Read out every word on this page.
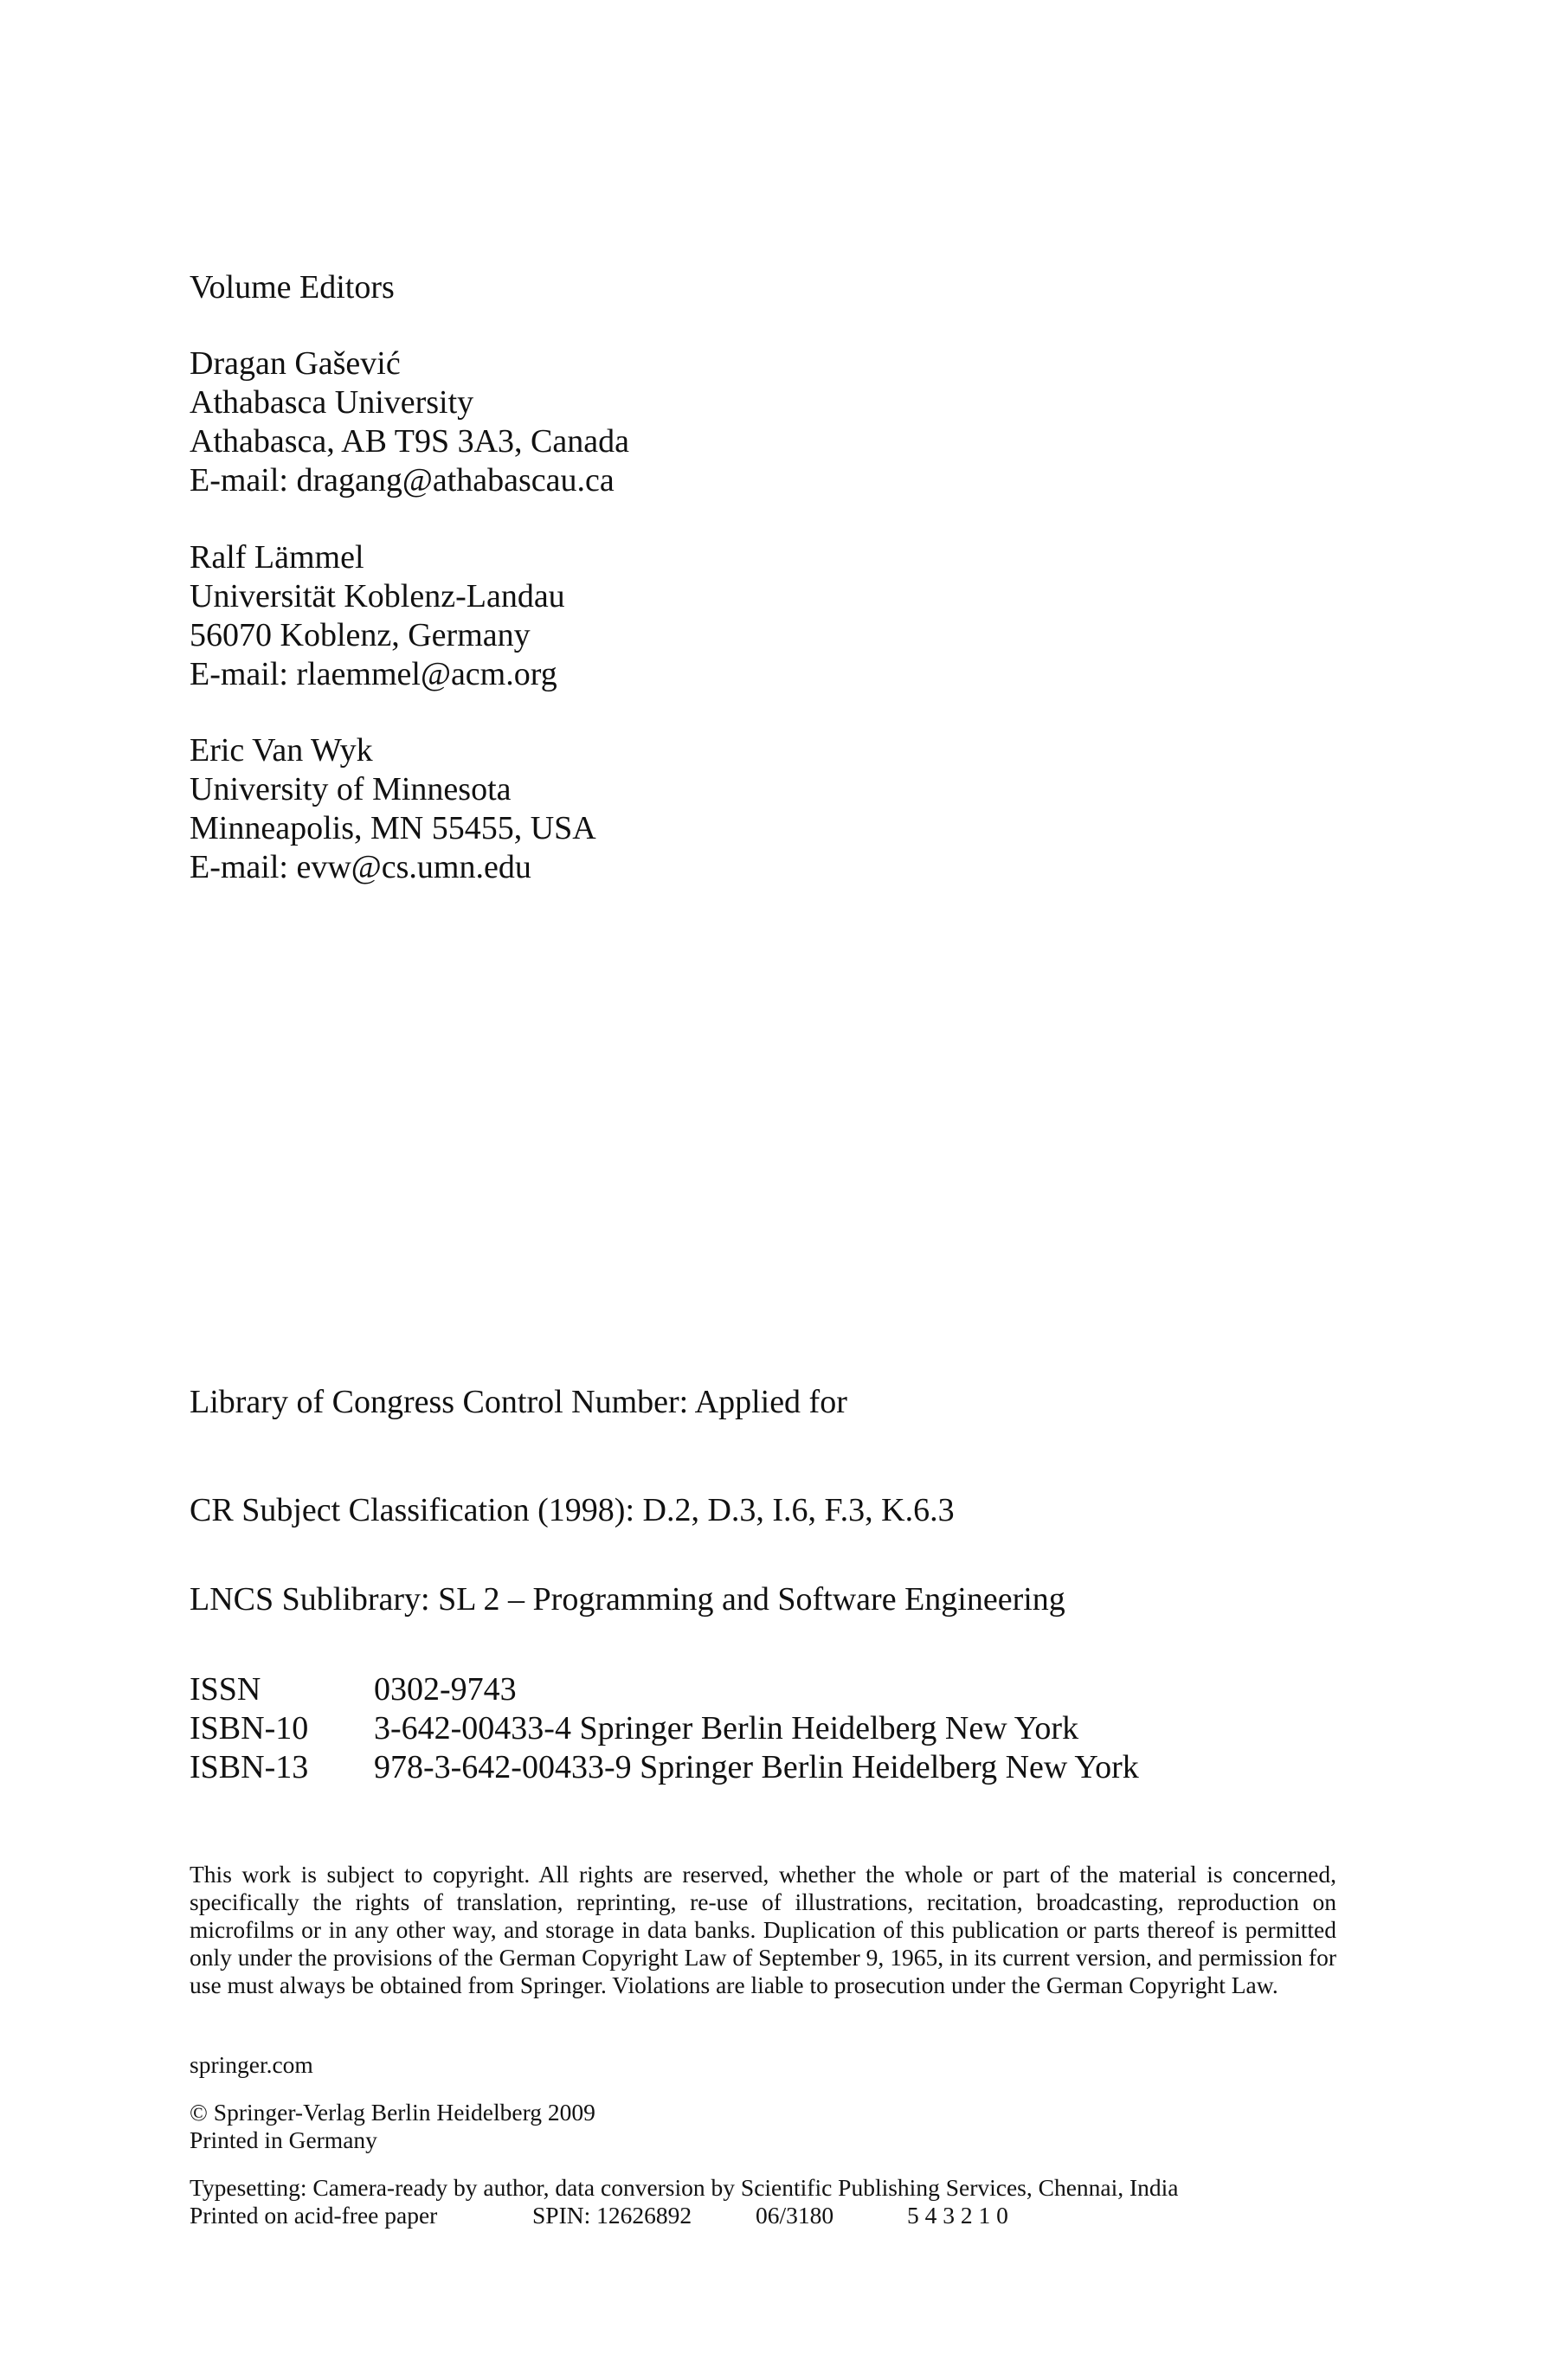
Volume Editors

Dragan Gašević
Athabasca University
Athabasca, AB T9S 3A3, Canada
E-mail: dragang@athabascau.ca
Ralf Lämmel
Universität Koblenz-Landau
56070 Koblenz, Germany
E-mail: rlaemmel@acm.org
Eric Van Wyk
University of Minnesota
Minneapolis, MN 55455, USA
E-mail: evw@cs.umn.edu

Library of Congress Control Number: Applied for

CR Subject Classification (1998): D.2, D.3, I.6, F.3, K.6.3

LNCS Sublibrary: SL 2 – Programming and Software Engineering

ISSN	0302-9743
ISBN-10	3-642-00433-4 Springer Berlin Heidelberg New York
ISBN-13	978-3-642-00433-9 Springer Berlin Heidelberg New York

This work is subject to copyright. All rights are reserved, whether the whole or part of the material is concerned, specifically the rights of translation, reprinting, re-use of illustrations, recitation, broadcasting, reproduction on microfilms or in any other way, and storage in data banks. Duplication of this publication or parts thereof is permitted only under the provisions of the German Copyright Law of September 9, 1965, in its current version, and permission for use must always be obtained from Springer. Violations are liable to prosecution under the German Copyright Law.

springer.com

© Springer-Verlag Berlin Heidelberg 2009
Printed in Germany
Typesetting: Camera-ready by author, data conversion by Scientific Publishing Services, Chennai, India
Printed on acid-free paper	SPIN: 12626892	06/3180	5 4 3 2 1 0
